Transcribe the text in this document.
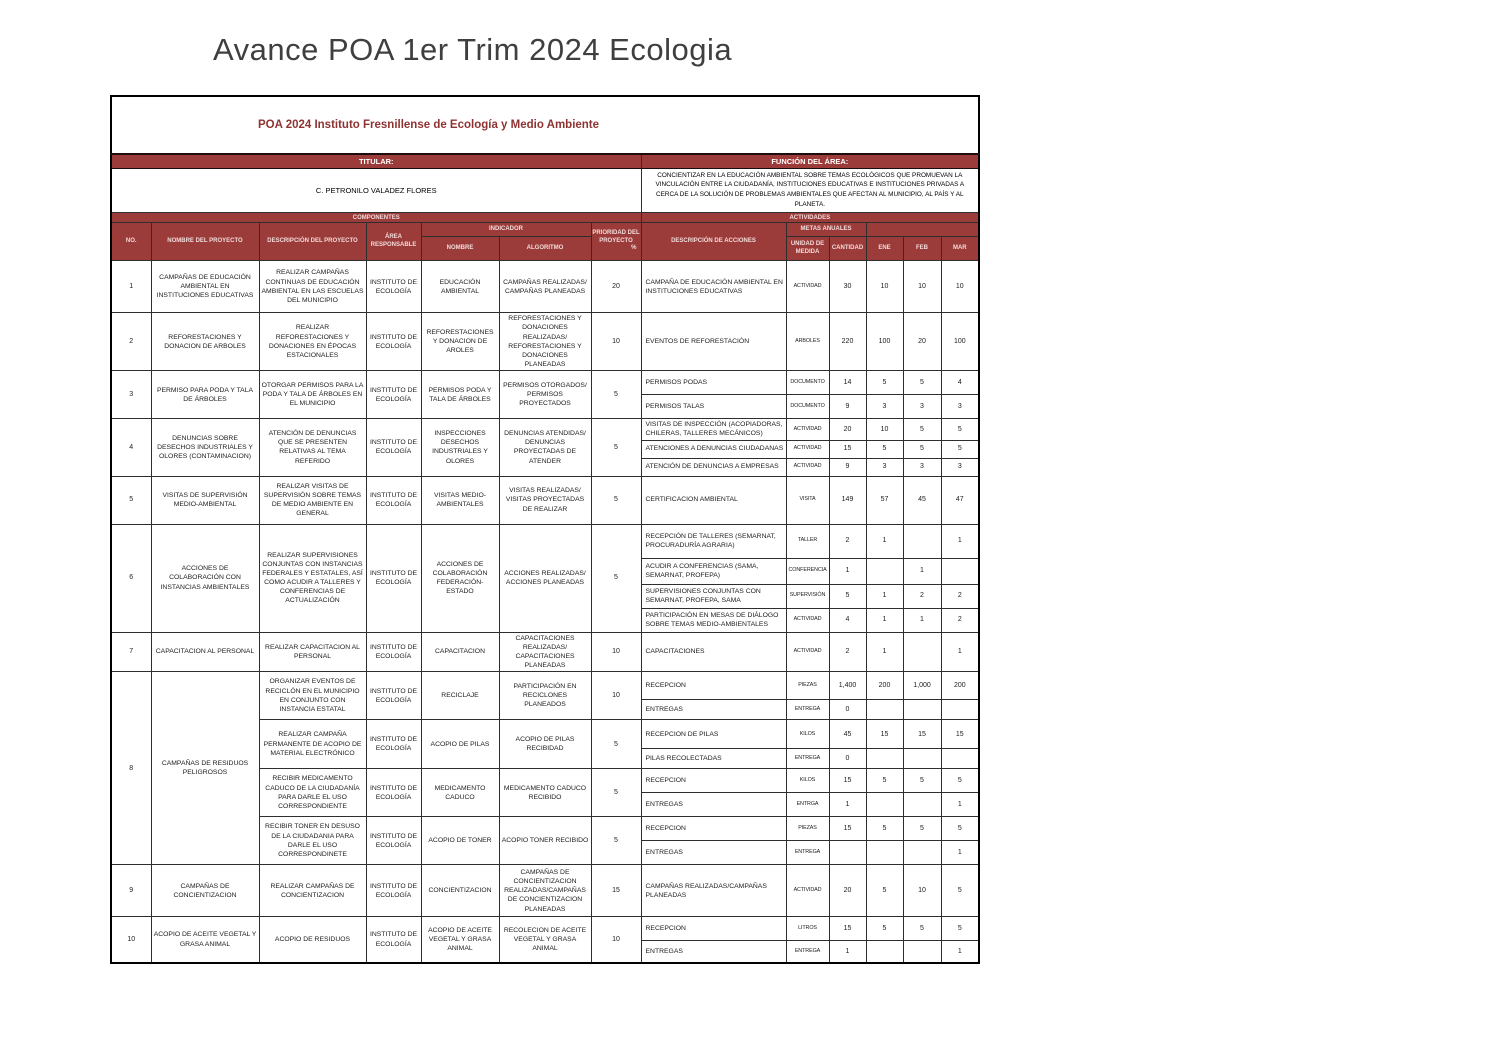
Avance POA 1er Trim 2024 Ecologia
POA 2024 Instituto Fresnillense de Ecología y Medio Ambiente												

TITULAR:							FUNCIÓN DEL ÁREA:					
C. PETRONILO VALADEZ FLORES							CONCIENTIZAR EN LA EDUCACIÓN AMBIENTAL SOBRE TEMAS ECOLÓGICOS QUE PROMUEVAN LA VINCULACIÓN ENTRE LA CIUDADANÍA, INSTITUCIONES EDUCATIVAS E INSTITUCIONES PRIVADAS A CERCA DE LA SOLUCIÓN DE PROBLEMAS AMBIENTALES QUE AFECTAN AL MUNICIPIO, AL PAÍS Y AL PLANETA.					
COMPONENTES							ACTIVIDADES					
NO.	NOMBRE DEL PROYECTO	DESCRIPCIÓN DEL PROYECTO	ÁREA RESPONSABLE	INDICADOR		PRIORIDAD DEL PROYECTO
%	DESCRIPCIÓN DE ACCIONES	METAS ANUALES				
				NOMBRE	ALGORITMO			UNIDAD DE MEDIDA	CANTIDAD	ENE	FEB	MAR
1	CAMPAÑAS DE EDUCACIÓN AMBIENTAL EN INSTITUCIONES EDUCATIVAS	REALIZAR CAMPAÑAS CONTINUAS DE EDUCACIÓN AMBIENTAL EN LAS ESCUELAS DEL MUNICIPIO	INSTITUTO DE ECOLOGÍA	EDUCACIÓN AMBIENTAL	CAMPAÑAS REALIZADAS/ CAMPAÑAS PLANEADAS	20	CAMPAÑA DE EDUCACIÓN AMBIENTAL EN INSTITUCIONES EDUCATIVAS	ACTIVIDAD	30	10	10	10
2	REFORESTACIONES Y DONACION DE ARBOLES	REALIZAR REFORESTACIONES Y DONACIONES EN ÉPOCAS ESTACIONALES	INSTITUTO DE ECOLOGÍA	REFORESTACIONES Y DONACION DE AROLES	REFORESTACIONES Y DONACIONES REALIZADAS/ REFORESTACIONES Y DONACIONES PLANEADAS	10	EVENTOS DE REFORESTACIÓN	ARBOLES	220	100	20	100
3	PERMISO PARA PODA Y TALA DE ÁRBOLES	OTORGAR PERMISOS PARA LA PODA Y TALA DE ÁRBOLES EN EL MUNICIPIO	INSTITUTO DE ECOLOGÍA	PERMISOS PODA Y TALA DE ÁRBOLES	PERMISOS OTORGADOS/ PERMISOS PROYECTADOS	5	PERMISOS PODAS	DOCUMENTO	14	5	5	4
							PERMISOS TALAS	DOCUMENTO	9	3	3	3
4	DENUNCIAS SOBRE DESECHOS INDUSTRIALES Y OLORES (CONTAMINACION)	ATENCIÓN DE DENUNCIAS QUE SE PRESENTEN RELATIVAS AL TEMA REFERIDO	INSTITUTO DE ECOLOGÍA	INSPECCIONES DESECHOS INDUSTRIALES Y OLORES	DENUNCIAS ATENDIDAS/ DENUNCIAS PROYECTADAS DE ATENDER	5	VISITAS DE INSPECCIÓN (ACOPIADORAS, CHILERAS, TALLERES MECÁNICOS)	ACTIVIDAD	20	10	5	5
							ATENCIONES A DENUNCIAS CIUDADANAS	ACTIVIDAD	15	5	5	5
							ATENCIÓN DE DENUNCIAS A EMPRESAS	ACTIVIDAD	9	3	3	3
5	VISITAS DE SUPERVISIÓN MEDIO-AMBIENTAL	REALIZAR VISITAS DE SUPERVISIÓN SOBRE TEMAS DE MEDIO AMBIENTE EN GENERAL	INSTITUTO DE ECOLOGÍA	VISITAS MEDIO-AMBIENTALES	VISITAS REALIZADAS/ VISITAS PROYECTADAS DE REALIZAR	5	CERTIFICACION AMBIENTAL	VISITA	149	57	45	47
6	ACCIONES DE COLABORACIÓN CON INSTANCIAS AMBIENTALES	REALIZAR SUPERVISIONES CONJUNTAS CON INSTANCIAS FEDERALES Y ESTATALES, ASÍ COMO ACUDIR A TALLERES Y CONFERENCIAS DE ACTUALIZACIÓN	INSTITUTO DE ECOLOGÍA	ACCIONES DE COLABORACIÓN FEDERACIÓN-ESTADO	ACCIONES REALIZADAS/ ACCIONES PLANEADAS	5	RECEPCIÓN DE TALLERES (SEMARNAT, PROCURADURÍA AGRARIA)	TALLER	2	1		1
							ACUDIR A CONFERENCIAS (SAMA, SEMARNAT, PROFEPA)	CONFERENCIA	1		1	
							SUPERVISIONES CONJUNTAS CON SEMARNAT, PROFEPA, SAMA	SUPERVISIÓN	5	1	2	2
							PARTICIPACIÓN EN MESAS DE DIÁLOGO SOBRE TEMAS MEDIO-AMBIENTALES	ACTIVIDAD	4	1	1	2
7	CAPACITACION AL PERSONAL	REALIZAR CAPACITACION AL PERSONAL	INSTITUTO DE ECOLOGÍA	CAPACITACION	CAPACITACIONES REALIZADAS/ CAPACITACIONES PLANEADAS	10	CAPACITACIONES	ACTIVIDAD	2	1		1
8	CAMPAÑAS DE RESIDUOS PELIGROSOS	ORGANIZAR EVENTOS DE RECICLÓN EN EL MUNICIPIO EN CONJUNTO CON INSTANCIA ESTATAL	INSTITUTO DE ECOLOGÍA	RECICLAJE	PARTICIPACIÓN EN RECICLONES PLANEADOS	10	RECEPCION	PIEZAS	1,400	200	1,000	200
							ENTREGAS	ENTREGA	0			
		REALIZAR CAMPAÑA PERMANENTE DE ACOPIO DE MATERIAL ELECTRÓNICO	INSTITUTO DE ECOLOGÍA	ACOPIO DE PILAS	ACOPIO DE PILAS RECIBIDAD	5	RECEPCION DE PILAS	KILOS	45	15	15	15
							PILAS RECOLECTADAS	ENTREGA	0			
		RECIBIR MEDICAMENTO CADUCO DE LA CIUDADANÍA PARA DARLE EL USO CORRESPONDIENTE	INSTITUTO DE ECOLOGÍA	MEDICAMENTO CADUCO	MEDICAMENTO CADUCO RECIBIDO	5	RECEPCION	KILOS	15	5	5	5
							ENTREGAS	ENTRGA	1			1
		RECIBIR TONER EN DESUSO DE LA CIUDADANIA PARA DARLE EL USO CORRESPONDINETE	INSTITUTO DE ECOLOGÍA	ACOPIO DE TONER	ACOPIO TONER RECIBIDO	5	RECEPCION	PIEZAS	15	5	5	5
							ENTREGAS	ENTREGA				1
9	CAMPAÑAS DE CONCIENTIZACION	REALIZAR CAMPAÑAS DE CONCIENTIZACION	INSTITUTO DE ECOLOGÍA	CONCIENTIZACION	CAMPAÑAS DE CONCIENTIZACION REALIZADAS/CAMPAÑAS DE CONCIENTIZACION PLANEADAS	15	CAMPAÑAS REALIZADAS/CAMPAÑAS PLANEADAS	ACTIVIDAD	20	5	10	5
10	ACOPIO DE ACEITE VEGETAL Y GRASA ANIMAL	ACOPIO DE RESIDUOS	INSTITUTO DE ECOLOGÍA	ACOPIO DE ACEITE VEGETAL Y GRASA ANIMAL	RECOLECION DE ACEITE VEGETAL Y GRASA ANIMAL	10	RECEPCION	LITROS	15	5	5	5
							ENTREGAS	ENTREGA	1			1
